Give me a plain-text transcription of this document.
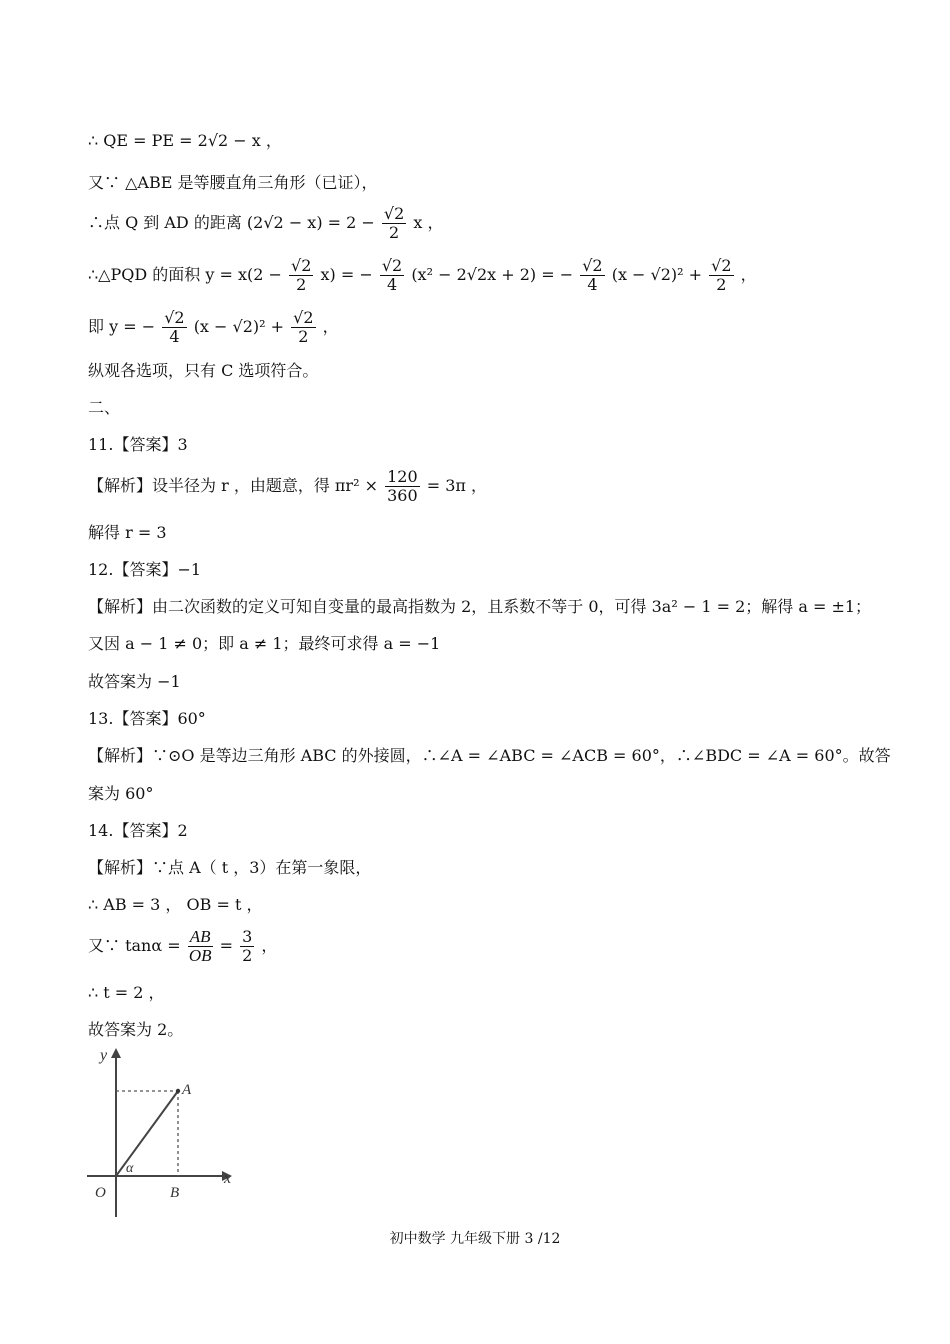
∴ QE = PE = 2√2 − x ，
又∵ △ABE 是等腰直角三角形（已证），
∴点 Q 到 AD 的距离 $(2√2 - x) = 2 - \frac{√2}{2}$ x ，
∴△PQD 的面积 $y = x(2 - \frac{√2}{2} x)$ = − $\frac{√2}{4} (x^2 - 2√2x + 2)$ = − $\frac{√2}{4} (x - √2)^2 + \frac{√2}{2}$ ，
即 y = − $\frac{√2}{4} (x - √2)^2 + \frac{√2}{2}$ ，
纵观各选项，只有 C 选项符合。
二、
11.【答案】3
【解析】设半径为 r ，由题意，得 $\pi r^2 \times \frac{120}{360} = 3\pi$ ，
解得 r = 3
12.【答案】−1
【解析】由二次函数的定义可知自变量的最高指数为 2，且系数不等于 0，可得 3a² − 1 = 2；解得 a = ±1；
又因 a − 1 ≠ 0；即 a ≠ 1；最终可求得 a = −1
故答案为 −1
13.【答案】60°
【解析】∵⊙O 是等边三角形 ABC 的外接圆，∴∠A = ∠ABC = ∠ACB = 60°，∴∠BDC = ∠A = 60°。故答
案为 60°
14.【答案】2
【解析】∵点 A（ t ，3）在第一象限，
∴ AB = 3 ， OB = t ，
又∵ $\tan\alpha = \frac{AB}{OB} = \frac{3}{2}$ ，
∴ t = 2 ，
故答案为 2。
y
x
A
O	B
α
初中数学 九年级下册 3 /12
